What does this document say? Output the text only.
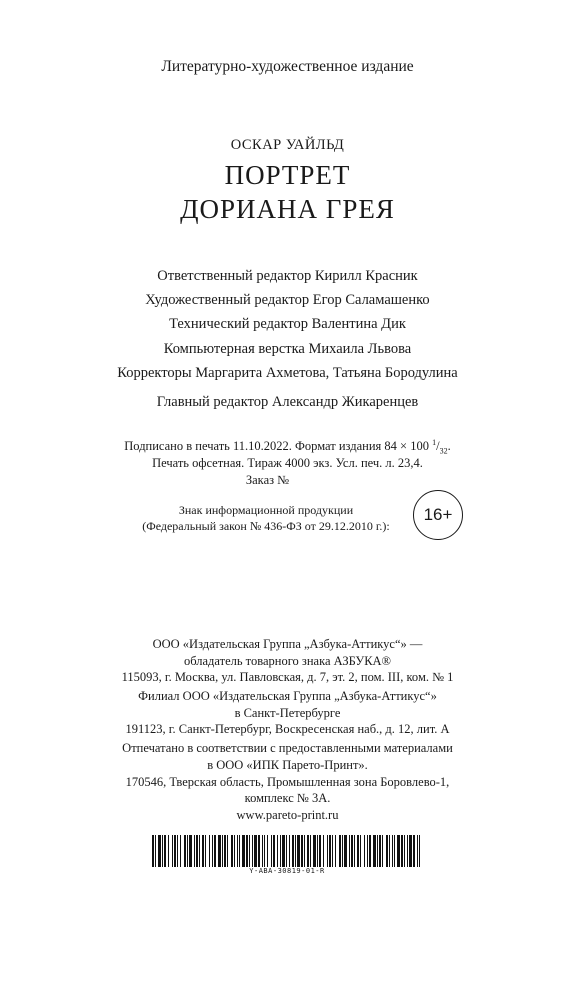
Литературно-художественное издание
ОСКАР УАЙЛЬД
ПОРТРЕТ
ДОРИАНА ГРЕЯ
Ответственный редактор Кирилл Красник
Художественный редактор Егор Саламашенко
Технический редактор Валентина Дик
Компьютерная верстка Михаила Львова
Корректоры Маргарита Ахметова, Татьяна Бородулина
Главный редактор Александр Жикаренцев
Подписано в печать 11.10.2022. Формат издания 84 × 100 $^1/_{32}$.
Печать офсетная. Тираж 4000 экз. Усл. печ. л. 23,4.
Заказ №
Знак информационной продукции
(Федеральный закон № 436-ФЗ от 29.12.2010 г.):
16+
ООО «Издательская Группа „Азбука-Аттикус“» —
обладатель товарного знака АЗБУКА®
115093, г. Москва, ул. Павловская, д. 7, эт. 2, пом. III, ком. № 1
Филиал ООО «Издательская Группа „Азбука-Аттикус“»
в Санкт-Петербурге
191123, г. Санкт-Петербург, Воскресенская наб., д. 12, лит. А
Отпечатано в соответствии с предоставленными материалами
в ООО «ИПК Парето-Принт».
170546, Тверская область, Промышленная зона Боровлево-1,
комплекс № 3А.
www.pareto-print.ru
Y-ABA-30819-01-R
